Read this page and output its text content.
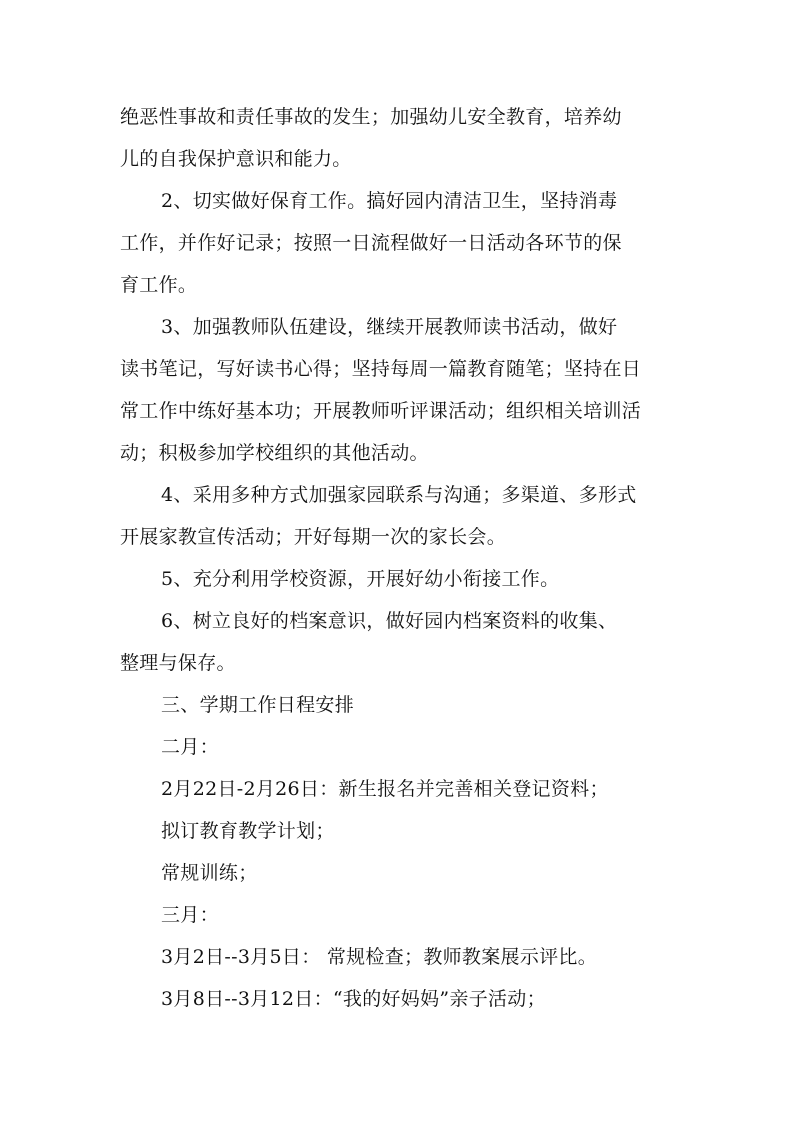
绝恶性事故和责任事故的发生；加强幼儿安全教育，培养幼
儿的自我保护意识和能力。
2、切实做好保育工作。搞好园内清洁卫生，坚持消毒
工作，并作好记录；按照一日流程做好一日活动各环节的保
育工作。
3、加强教师队伍建设，继续开展教师读书活动，做好
读书笔记，写好读书心得；坚持每周一篇教育随笔；坚持在日
常工作中练好基本功；开展教师听评课活动；组织相关培训活
动；积极参加学校组织的其他活动。
4、采用多种方式加强家园联系与沟通；多渠道、多形式
开展家教宣传活动；开好每期一次的家长会。
5、充分利用学校资源，开展好幼小衔接工作。
6、树立良好的档案意识，做好园内档案资料的收集、
整理与保存。
三、学期工作日程安排
二月：
2月22日-2月26日：新生报名并完善相关登记资料；
拟订教育教学计划；
常规训练；
三月：
3月2日--3月5日： 常规检查；教师教案展示评比。
3月8日--3月12日：“我的好妈妈”亲子活动；
